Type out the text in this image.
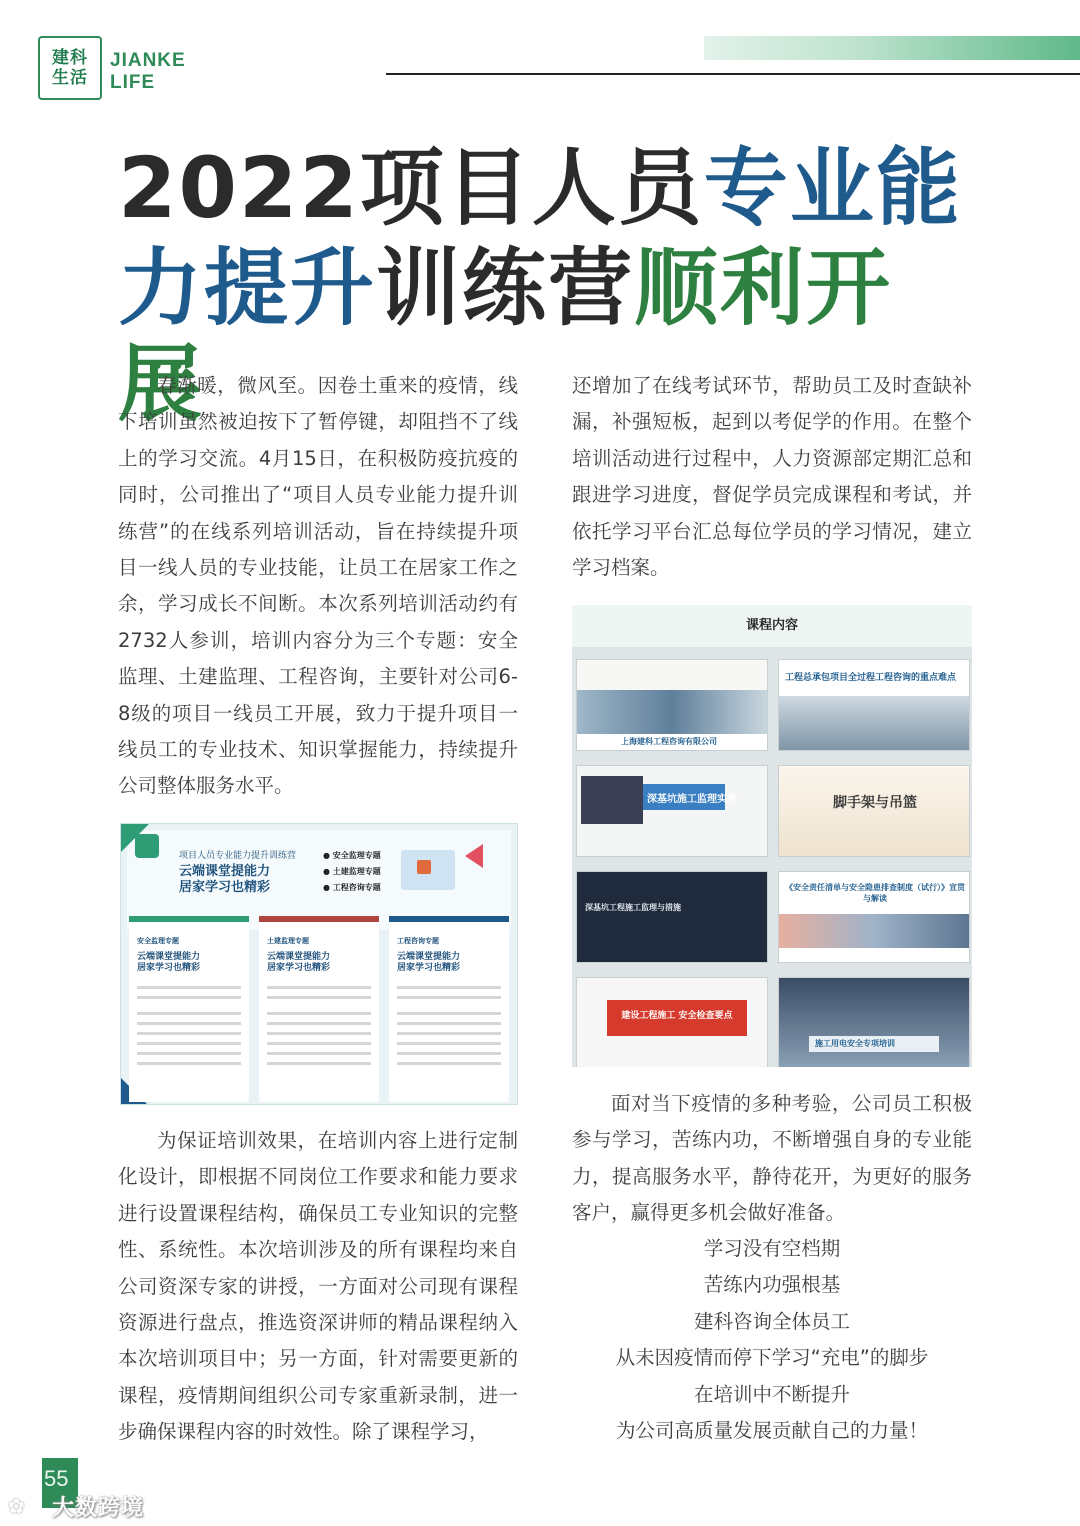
建科
生活
JIANKE
LIFE
2022项目人员专业能
力提升训练营顺利开展
春渐暖，微风至。因卷土重来的疫情，线下培训虽然被迫按下了暂停键，却阻挡不了线上的学习交流。4月15日，在积极防疫抗疫的同时，公司推出了“项目人员专业能力提升训练营”的在线系列培训活动，旨在持续提升项目一线人员的专业技能，让员工在居家工作之余，学习成长不间断。本次系列培训活动约有2732人参训，培训内容分为三个专题：安全监理、土建监理、工程咨询，主要针对公司6-8级的项目一线员工开展，致力于提升项目一线员工的专业技术、知识掌握能力，持续提升公司整体服务水平。
项目人员专业能力提升训练营
云端课堂提能力
居家学习也精彩
● 安全监理专题
● 土建监理专题
● 工程咨询专题
安全监理专题
云端课堂提能力
居家学习也精彩
土建监理专题
云端课堂提能力
居家学习也精彩
工程咨询专题
云端课堂提能力
居家学习也精彩
为保证培训效果，在培训内容上进行定制化设计，即根据不同岗位工作要求和能力要求进行设置课程结构，确保员工专业知识的完整性、系统性。本次培训涉及的所有课程均来自公司资深专家的讲授，一方面对公司现有课程资源进行盘点，推选资深讲师的精品课程纳入本次培训项目中；另一方面，针对需要更新的课程，疫情期间组织公司专家重新录制，进一步确保课程内容的时效性。除了课程学习，
还增加了在线考试环节，帮助员工及时查缺补漏，补强短板，起到以考促学的作用。在整个培训活动进行过程中，人力资源部定期汇总和跟进学习进度，督促学员完成课程和考试，并依托学习平台汇总每位学员的学习情况，建立学习档案。
课程内容
上海建科工程咨询有限公司
工程总承包项目全过程工程咨询的重点难点
深基坑施工监理实务	脚手架与吊篮
深基坑工程施工监理与措施
《安全责任清单与安全隐患排查制度（试行）》宣贯与解读
建设工程施工 安全检查要点
施工用电安全专项培训
面对当下疫情的多种考验，公司员工积极参与学习，苦练内功，不断增强自身的专业能力，提高服务水平，静待花开，为更好的服务客户，赢得更多机会做好准备。
学习没有空档期
苦练内功强根基
建科咨询全体员工
从未因疫情而停下学习“充电”的脚步
在培训中不断提升
为公司高质量发展贡献自己的力量！
55
✿ 大数跨境
